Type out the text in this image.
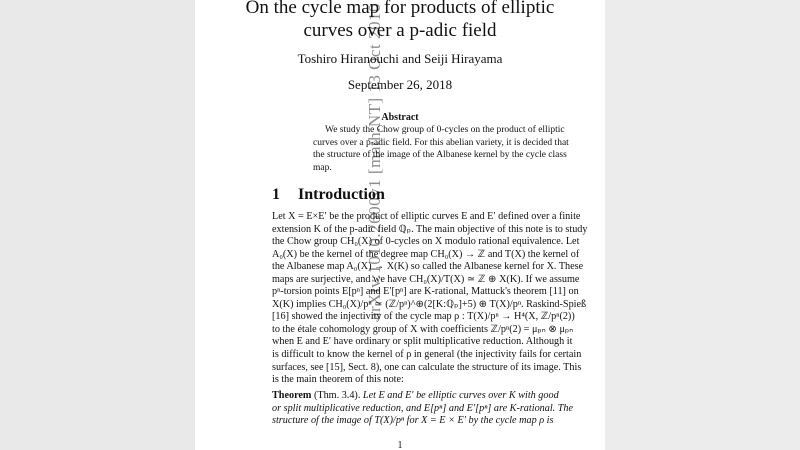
arXiv:1010.2600v1 [math.NT] 13 Oct 2010
On the cycle map for products of elliptic
curves over a p-adic field
Toshiro Hiranouchi and Seiji Hirayama
September 26, 2018
Abstract
We study the Chow group of 0-cycles on the product of elliptic
curves over a p-adic field. For this abelian variety, it is decided that
the structure of the image of the Albanese kernel by the cycle class
map.
1 Introduction
Let X = E×E′ be the product of elliptic curves E and E′ defined over a finite
extension K of the p-adic field ℚₚ. The main objective of this note is to study
the Chow group CH₀(X) of 0-cycles on X modulo rational equivalence. Let
A₀(X) be the kernel of the degree map CH₀(X) → ℤ and T(X) the kernel of
the Albanese map A₀(X) → X(K) so called the Albanese kernel for X. These
maps are surjective, and we have CH₀(X)/T(X) ≃ ℤ ⊕ X(K). If we assume
pⁿ-torsion points E[pⁿ] and E′[pⁿ] are K-rational, Mattuck's theorem [11] on
X(K) implies CH₀(X)/pⁿ ≃ (ℤ/pⁿ)^⊕(2[K:ℚₚ]+5) ⊕ T(X)/pⁿ. Raskind-Spieß
[16] showed the injectivity of the cycle map ρ : T(X)/pⁿ → H⁴(X, ℤ/pⁿ(2))
to the étale cohomology group of X with coefficients ℤ/pⁿ(2) = μₚₙ ⊗ μₚₙ
when E and E′ have ordinary or split multiplicative reduction. Although it
is difficult to know the kernel of ρ in general (the injectivity fails for certain
surfaces, see [15], Sect. 8), one can calculate the structure of its image. This
is the main theorem of this note:
Theorem (Thm. 3.4). Let E and E′ be elliptic curves over K with good
or split multiplicative reduction, and E[pⁿ] and E′[pⁿ] are K-rational. The
structure of the image of T(X)/pⁿ for X = E × E′ by the cycle map ρ is
1
